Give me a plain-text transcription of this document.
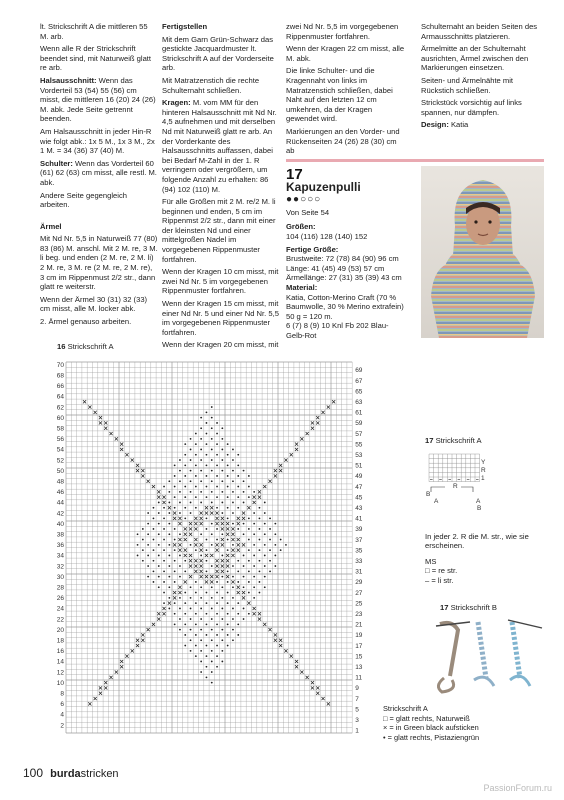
lt. Strickschrift A die mittleren 55 M. arb.

Wenn alle R der Strickschrift beendet sind, mit Naturweiß glatt re arb.

Halsausschnitt: Wenn das Vorderteil 53 (54) 55 (56) cm misst, die mittleren 16 (20) 24 (26) M. abk. Jede Seite getrennt beenden.

Am Halsausschnitt in jeder Hin-R wie folgt abk.: 1x 5 M., 1x 3 M., 2x 1 M. = 34 (36) 37 (40) M.

Schulter: Wenn das Vorderteil 60 (61) 62 (63) cm misst, alle restl. M. abk.

Andere Seite gegengleich arbeiten.

Ärmel

Mit Nd Nr. 5,5 in Naturweiß 77 (80) 83 (86) M. anschl. Mit 2 M. re, 3 M. li beg. und enden (2 M. re, 2 M. li) 2 M. re, 3 M. re (2 M. re, 2 M. re), 3 cm im Rippenmust 2/2 str., dann glatt re weiterstr.

Wenn der Ärmel 30 (31) 32 (33) cm misst, alle M. locker abk.

2. Ärmel genauso arbeiten.

Fertigstellen

Mit dem Garn Grün-Schwarz das gestickte Jacquardmuster lt. Strickschrift A auf der Vorderseite arb.

Mit Matratzenstich die rechte Schulternaht schließen.

Kragen: M. vom MM für den hinteren Halsausschnitt mit Nd Nr. 4,5 aufnehmen und mit derselben Nd mit Naturweiß glatt re arb. An der Vorderkante des Halsausschnitts auffassen, dabei bei Bedarf M-Zahl in der 1. R verringern oder vergrößern, um folgende Anzahl zu erhalten: 86 (94) 102 (110) M.

Für alle Größen mit 2 M. re/2 M. li beginnen und enden, 5 cm im Rippenmst 2/2 str., dann mit einer der kleinsten Nd und einer mittelgroßen Nadel im vorgegebenen Rippenmuster fortfahren.

Wenn der Kragen 10 cm misst, mit zwei Nd Nr. 5 im vorgegebenen Rippenmuster fortfahren.

Wenn der Kragen 15 cm misst, mit einer Nd Nr. 5 und einer Nd Nr. 5,5 im vorgegebenen Rippenmuster fortfahren.

Wenn der Kragen 20 cm misst, mit

zwei Nd Nr. 5,5 im vorgegebenen Rippenmuster fortfahren.

Wenn der Kragen 22 cm misst, alle M. abk.

Die linke Schulter- und die Kragennaht von links im Matratzenstich schließen, dabei Naht auf den letzten 12 cm umkehren, da der Kragen gewendet wird.

Markierungen an den Vorder- und Rückenseiten 24 (26) 28 (30) cm ab

17

Kapuzenpulli

●●○○○

Von Seite 54

Größen:
104 (116) 128 (140) 152

Fertige Größe:

Brustweite: 72 (78) 84 (90) 96 cm

Länge: 41 (45) 49 (53) 57 cm

Ärmellänge: 27 (31) 35 (39) 43 cm

Material:

Katia, Cotton-Merino Craft (70 % Baumwolle, 30 % Merino extrafein) 50 g = 120 m.

6 (7) 8 (9) 10 Knl Fb 202 Blau-Gelb-Rot

Schulternaht an beiden Seiten des Armausschnitts platzieren.

Ärmelmitte an der Schulternaht ausrichten, Ärmel zwischen den Markierungen einsetzen.

Seiten- und Ärmelnähte mit Rückstich schließen.

Strickstück vorsichtig auf links spannen, nur dämpfen.

Design: Katia

16 Strickschrift A
70
68
66
64
62
60
58
56
54
52
50
48
46
44
42
40
38
36
34
32
30
28
26
24
22
20
18
16
14
12
10
8
6
4
2
69
67
65
63
61
59
57
55
53
51
49
47
45
43
41
39
37
35
33
31
29
27
25
23
21
19
17
15
13
11
9
7
5
3
1
17 Strickschrift A
B
A
R
A
B
Y
R
1

In jeder 2. R die M. str., wie sie erscheinen.

MS
□ = re str.
– = li str.
17 Strickschrift B
Strickschrift A
□ = glatt rechts, Naturweiß
× = in Green black aufsticken
• = glatt rechts, Pistaziengrün
100 burdastricken
PassionForum.ru
